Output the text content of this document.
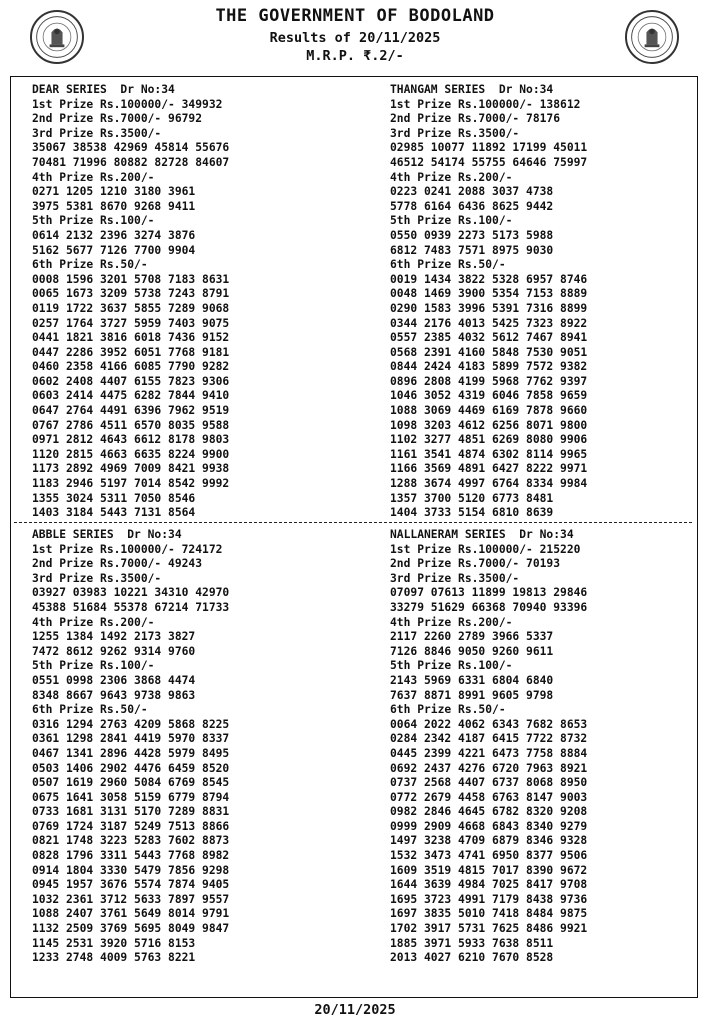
THE GOVERNMENT OF BODOLAND
Results of 20/11/2025
M.R.P. ₹.2/-
DEAR SERIES  Dr No:34
1st Prize Rs.100000/- 349932
2nd Prize Rs.7000/- 96792
3rd Prize Rs.3500/-
35067 38538 42969 45814 55676
70481 71996 80882 82728 84607
4th Prize Rs.200/-
0271 1205 1210 3180 3961
3975 5381 8670 9268 9411
5th Prize Rs.100/-
0614 2132 2396 3274 3876
5162 5677 7126 7700 9904
6th Prize Rs.50/-
0008 1596 3201 5708 7183 8631
0065 1673 3209 5738 7243 8791
0119 1722 3637 5855 7289 9068
0257 1764 3727 5959 7403 9075
0441 1821 3816 6018 7436 9152
0447 2286 3952 6051 7768 9181
0460 2358 4166 6085 7790 9282
0602 2408 4407 6155 7823 9306
0603 2414 4475 6282 7844 9410
0647 2764 4491 6396 7962 9519
0767 2786 4511 6570 8035 9588
0971 2812 4643 6612 8178 9803
1120 2815 4663 6635 8224 9900
1173 2892 4969 7009 8421 9938
1183 2946 5197 7014 8542 9992
1355 3024 5311 7050 8546
1403 3184 5443 7131 8564
THANGAM SERIES  Dr No:34
1st Prize Rs.100000/- 138612
2nd Prize Rs.7000/- 78176
3rd Prize Rs.3500/-
02985 10077 11892 17199 45011
46512 54174 55755 64646 75997
4th Prize Rs.200/-
0223 0241 2088 3037 4738
5778 6164 6436 8625 9442
5th Prize Rs.100/-
0550 0939 2273 5173 5988
6812 7483 7571 8975 9030
6th Prize Rs.50/-
0019 1434 3822 5328 6957 8746
0048 1469 3900 5354 7153 8889
0290 1583 3996 5391 7316 8899
0344 2176 4013 5425 7323 8922
0557 2385 4032 5612 7467 8941
0568 2391 4160 5848 7530 9051
0844 2424 4183 5899 7572 9382
0896 2808 4199 5968 7762 9397
1046 3052 4319 6046 7858 9659
1088 3069 4469 6169 7878 9660
1098 3203 4612 6256 8071 9800
1102 3277 4851 6269 8080 9906
1161 3541 4874 6302 8114 9965
1166 3569 4891 6427 8222 9971
1288 3674 4997 6764 8334 9984
1357 3700 5120 6773 8481
1404 3733 5154 6810 8639
ABBLE SERIES  Dr No:34
1st Prize Rs.100000/- 724172
2nd Prize Rs.7000/- 49243
3rd Prize Rs.3500/-
03927 03983 10221 34310 42970
45388 51684 55378 67214 71733
4th Prize Rs.200/-
1255 1384 1492 2173 3827
7472 8612 9262 9314 9760
5th Prize Rs.100/-
0551 0998 2306 3868 4474
8348 8667 9643 9738 9863
6th Prize Rs.50/-
0316 1294 2763 4209 5868 8225
0361 1298 2841 4419 5970 8337
0467 1341 2896 4428 5979 8495
0503 1406 2902 4476 6459 8520
0507 1619 2960 5084 6769 8545
0675 1641 3058 5159 6779 8794
0733 1681 3131 5170 7289 8831
0769 1724 3187 5249 7513 8866
0821 1748 3223 5283 7602 8873
0828 1796 3311 5443 7768 8982
0914 1804 3330 5479 7856 9298
0945 1957 3676 5574 7874 9405
1032 2361 3712 5633 7897 9557
1088 2407 3761 5649 8014 9791
1132 2509 3769 5695 8049 9847
1145 2531 3920 5716 8153
1233 2748 4009 5763 8221
NALLANERAM SERIES  Dr No:34
1st Prize Rs.100000/- 215220
2nd Prize Rs.7000/- 70193
3rd Prize Rs.3500/-
07097 07613 11899 19813 29846
33279 51629 66368 70940 93396
4th Prize Rs.200/-
2117 2260 2789 3966 5337
7126 8846 9050 9260 9611
5th Prize Rs.100/-
2143 5969 6331 6804 6840
7637 8871 8991 9605 9798
6th Prize Rs.50/-
0064 2022 4062 6343 7682 8653
0284 2342 4187 6415 7722 8732
0445 2399 4221 6473 7758 8884
0692 2437 4276 6720 7963 8921
0737 2568 4407 6737 8068 8950
0772 2679 4458 6763 8147 9003
0982 2846 4645 6782 8320 9208
0999 2909 4668 6843 8340 9279
1497 3238 4709 6879 8346 9328
1532 3473 4741 6950 8377 9506
1609 3519 4815 7017 8390 9672
1644 3639 4984 7025 8417 9708
1695 3723 4991 7179 8438 9736
1697 3835 5010 7418 8484 9875
1702 3917 5731 7625 8486 9921
1885 3971 5933 7638 8511
2013 4027 6210 7670 8528
20/11/2025
